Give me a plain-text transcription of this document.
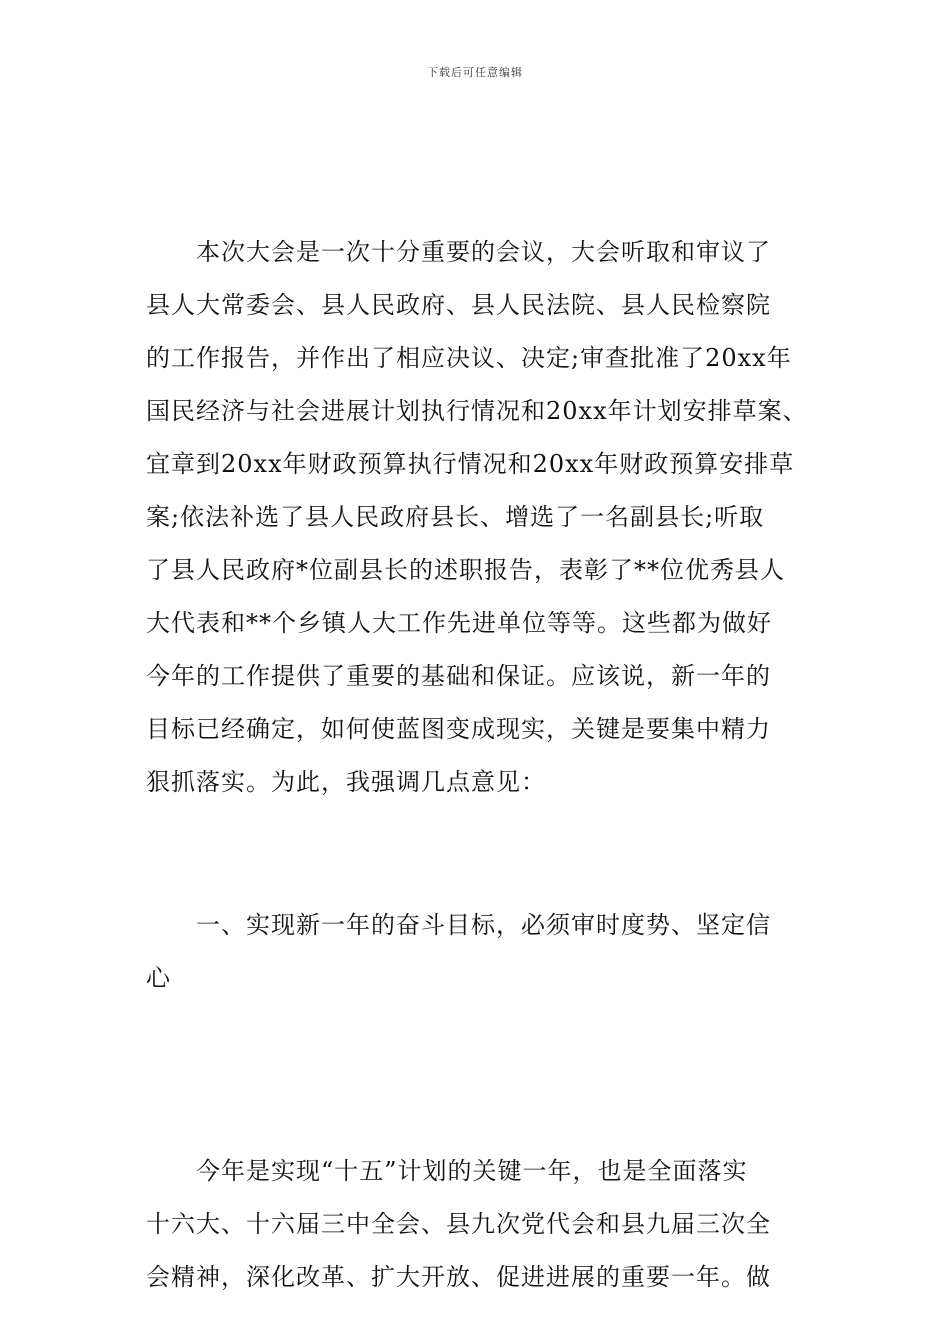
下载后可任意编辑
本次大会是一次十分重要的会议，大会听取和审议了
县人大常委会、县人民政府、县人民法院、县人民检察院
的工作报告，并作出了相应决议、决定;审查批准了20xx年
国民经济与社会进展计划执行情况和20xx年计划安排草案、
宜章到20xx年财政预算执行情况和20xx年财政预算安排草
案;依法补选了县人民政府县长、增选了一名副县长;听取
了县人民政府*位副县长的述职报告，表彰了**位优秀县人
大代表和**个乡镇人大工作先进单位等等。这些都为做好
今年的工作提供了重要的基础和保证。应该说，新一年的
目标已经确定，如何使蓝图变成现实，关键是要集中精力
狠抓落实。为此，我强调几点意见：
一、实现新一年的奋斗目标，必须审时度势、坚定信
心
今年是实现“十五”计划的关键一年，也是全面落实
十六大、十六届三中全会、县九次党代会和县九届三次全
会精神，深化改革、扩大开放、促进进展的重要一年。做
